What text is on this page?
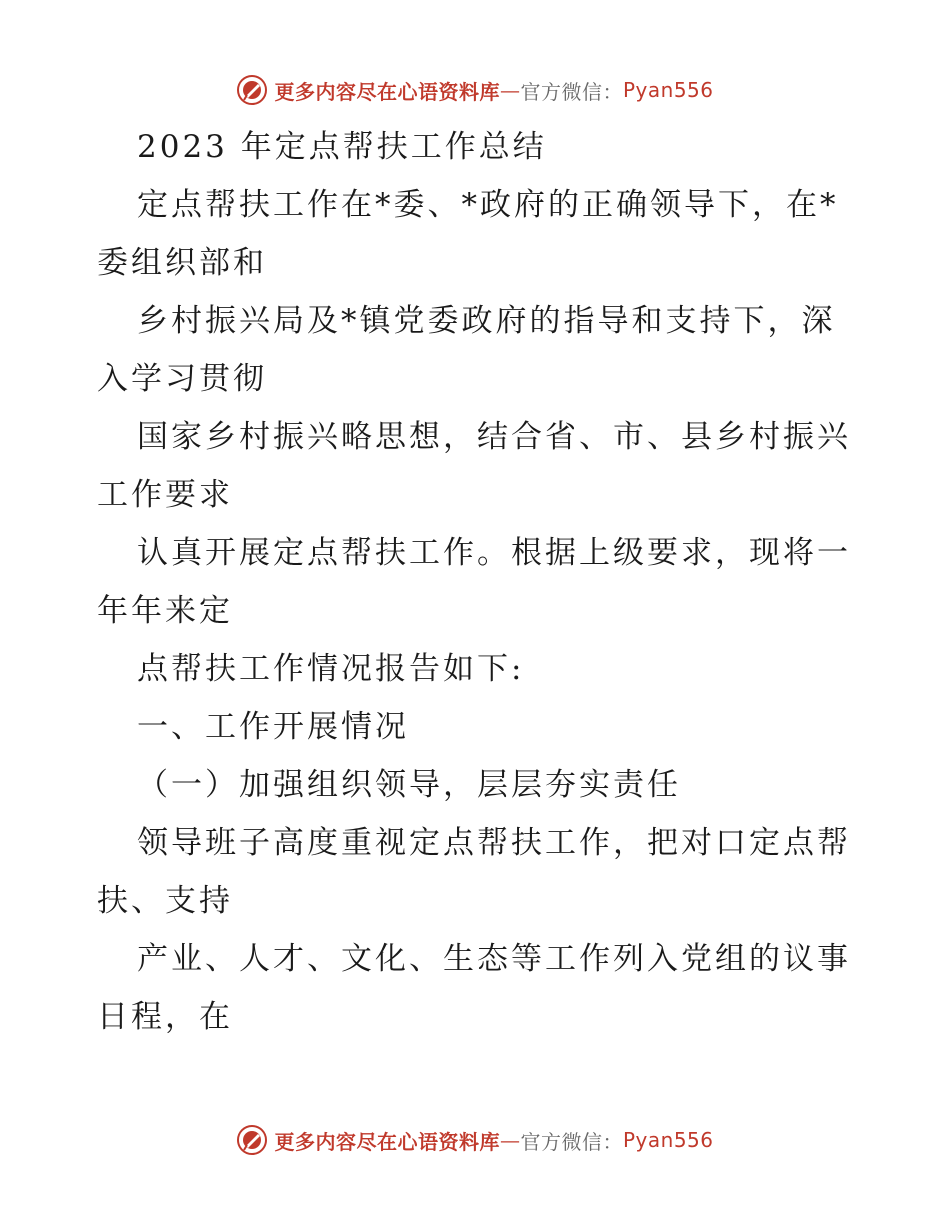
更多内容尽在心语资料库 — 官方微信： Pyan556

2023 年定点帮扶工作总结

定点帮扶工作在*委、*政府的正确领导下，在*委组织部和

乡村振兴局及*镇党委政府的指导和支持下，深入学习贯彻

国家乡村振兴略思想，结合省、市、县乡村振兴工作要求

认真开展定点帮扶工作。根据上级要求，现将一年年来定

点帮扶工作情况报告如下:

一、工作开展情况

（一）加强组织领导，层层夯实责任

领导班子高度重视定点帮扶工作，把对口定点帮扶、支持

产业、人才、文化、生态等工作列入党组的议事日程，在

更多内容尽在心语资料库 — 官方微信： Pyan556
